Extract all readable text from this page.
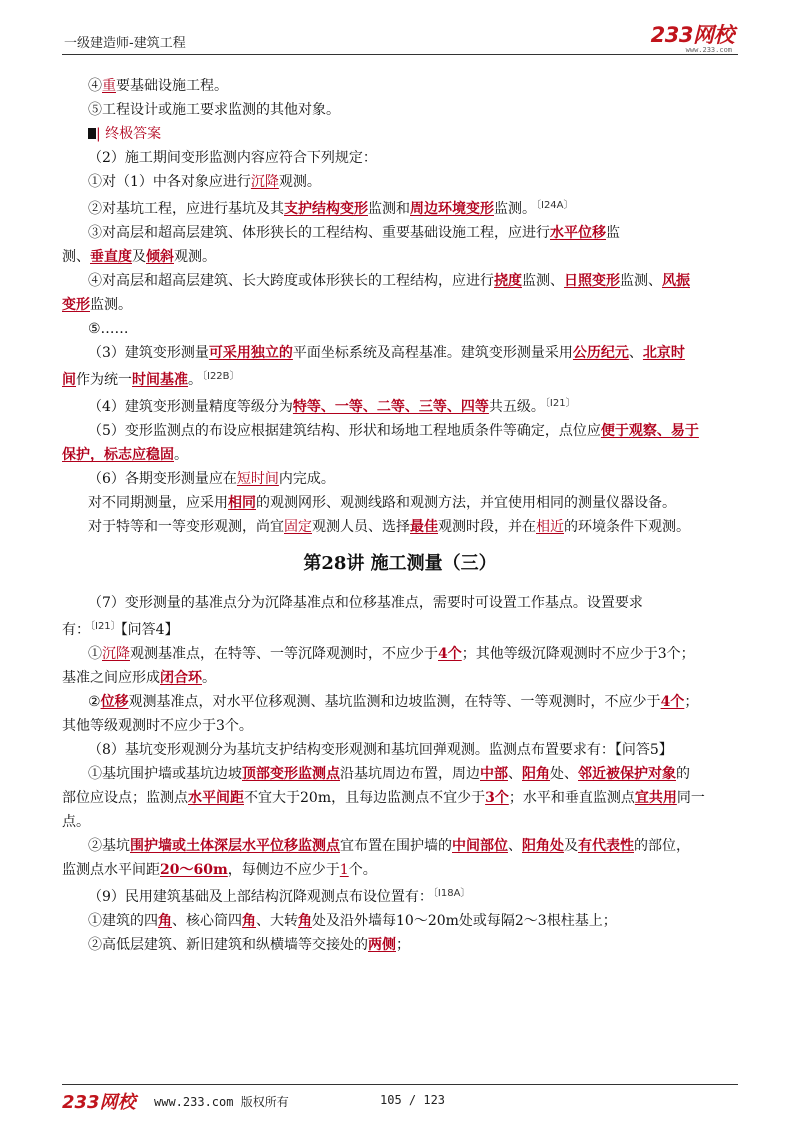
一级建造师-建筑工程	233网校
www.233.com

④重要基础设施工程。

⑤工程设计或施工要求监测的其他对象。

| 终极答案

（2）施工期间变形监测内容应符合下列规定：

①对（1）中各对象应进行沉降观测。

②对基坑工程，应进行基坑及其支护结构变形监测和周边环境变形监测。$^{〔Ⅰ24A〕}$

③对高层和超高层建筑、体形狭长的工程结构、重要基础设施工程，应进行水平位移监

测、垂直度及倾斜观测。

④对高层和超高层建筑、长大跨度或体形狭长的工程结构，应进行挠度监测、日照变形监测、风振

变形监测。

⑤……

（3）建筑变形测量可采用独立的平面坐标系统及高程基准。建筑变形测量采用公历纪元、北京时

间作为统一时间基准。$^{〔Ⅰ22B〕}$

（4）建筑变形测量精度等级分为特等、一等、二等、三等、四等共五级。$^{〔Ⅰ21〕}$

（5）变形监测点的布设应根据建筑结构、形状和场地工程地质条件等确定，点位应便于观察、易于

保护，标志应稳固。

（6）各期变形测量应在短时间内完成。

对不同期测量，应采用相同的观测网形、观测线路和观测方法，并宜使用相同的测量仪器设备。

对于特等和一等变形观测，尚宜固定观测人员、选择最佳观测时段，并在相近的环境条件下观测。

第28讲 施工测量（三）

（7）变形测量的基准点分为沉降基准点和位移基准点，需要时可设置工作基点。设置要求

有：$^{〔Ⅰ21〕}$【问答4】

①沉降观测基准点，在特等、一等沉降观测时，不应少于4个；其他等级沉降观测时不应少于3个；

基准之间应形成闭合环。

②位移观测基准点，对水平位移观测、基坑监测和边坡监测，在特等、一等观测时，不应少于4个；

其他等级观测时不应少于3个。

（8）基坑变形观测分为基坑支护结构变形观测和基坑回弹观测。监测点布置要求有：【问答5】

①基坑围护墙或基坑边坡顶部变形监测点沿基坑周边布置，周边中部、阳角处、邻近被保护对象的

部位应设点；监测点水平间距不宜大于20m，且每边监测点不宜少于3个；水平和垂直监测点宜共用同一

点。

②基坑围护墙或土体深层水平位移监测点宜布置在围护墙的中间部位、阳角处及有代表性的部位，

监测点水平间距20～60m，每侧边不应少于1个。

（9）民用建筑基础及上部结构沉降观测点布设位置有：$^{〔Ⅰ18A〕}$

①建筑的四角、核心筒四角、大转角处及沿外墙每10～20m处或每隔2～3根柱基上；

②高低层建筑、新旧建筑和纵横墙等交接处的两侧；

233网校 www.233.com 版权所有	105 / 123
